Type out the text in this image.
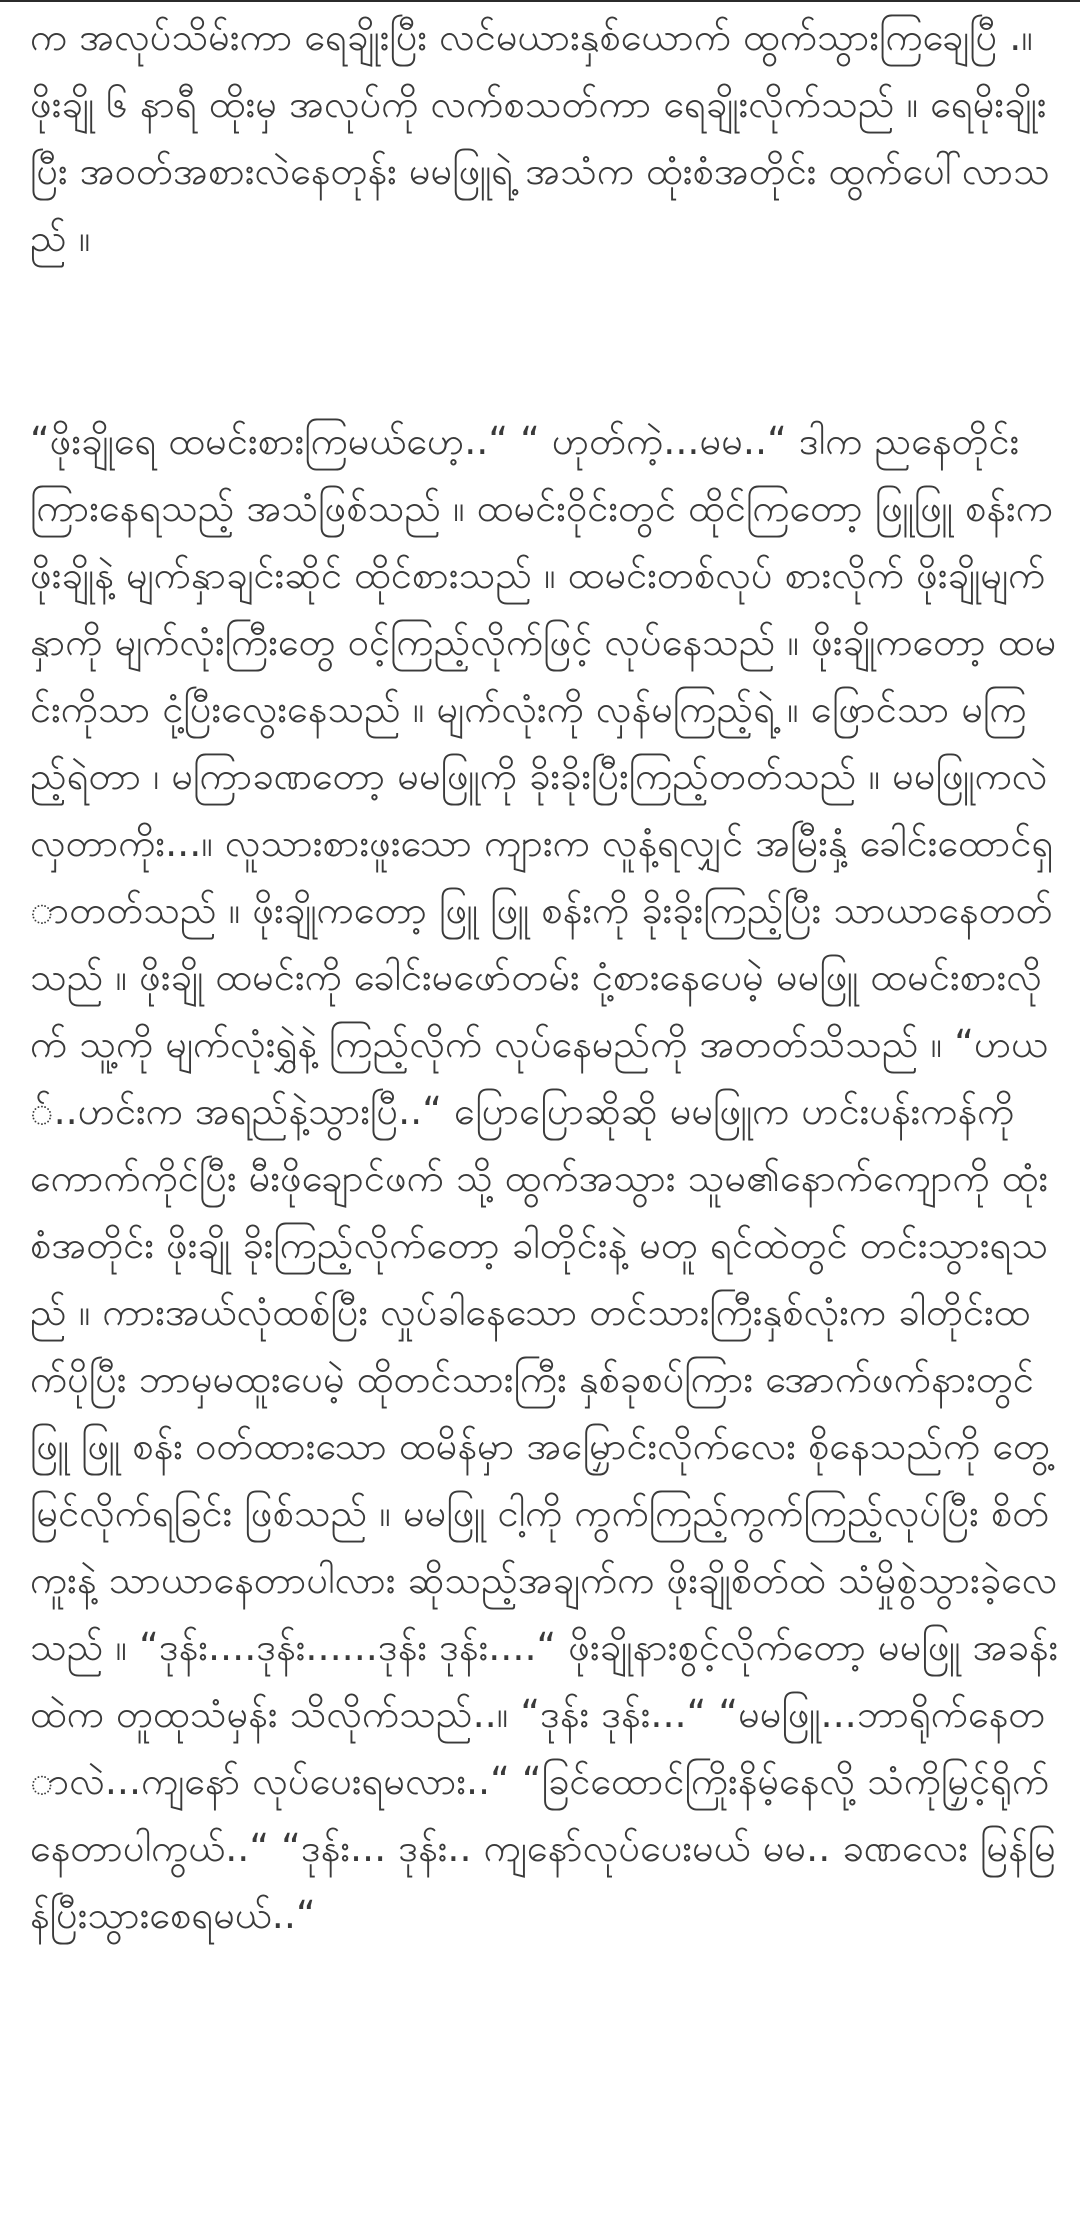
က အလုပ်သိမ်းကာ ရေချိုးပြီး လင်မယားနှစ်ယောက် ထွက်သွားကြချေပြီ .။ ဖိုးချို ၆ နာရီ ထိုးမှ အလုပ်ကို လက်စသတ်ကာ ရေချိုးလိုက်သည် ။ ရေမိုးချိုးပြီး အဝတ်အစားလဲနေတုန်း မမဖြူရဲ့ အသံက ထုံးစံအတိုင်း ထွက်ပေါ်လာသည် ။

“ဖိုးချိုရေ ထမင်းစားကြမယ်ဟေ့..“ “ ဟုတ်ကဲ့...မမ..“ ဒါက ညနေတိုင်း ကြားနေရသည့် အသံဖြစ်သည် ။ ထမင်းဝိုင်းတွင် ထိုင်ကြတော့ ဖြူဖြူ စန်းက ဖိုးချိုနဲ့ မျက်နှာချင်းဆိုင် ထိုင်စားသည် ။ ထမင်းတစ်လုပ် စားလိုက် ဖိုးချိုမျက်နှာကို မျက်လုံးကြီးတွေ ဝင့်ကြည့်လိုက်ဖြင့် လုပ်နေသည် ။ ဖိုးချိုကတော့ ထမင်းကိုသာ ငုံ့ပြီးလွေးနေသည် ။ မျက်လုံးကို လှန်မကြည့်ရဲ့ ။ ဖြောင်သာ မကြည့်ရဲတာ ၊ မကြာခဏတော့ မမဖြူကို ခိုးခိုးပြီးကြည့်တတ်သည် ။ မမဖြူကလဲ လှတာကိုး...။ လူသားစားဖူးသော ကျားက လူနံ့ရလျှင် အမြီးနှံ့ ခေါင်းထောင်ရှာတတ်သည် ။ ဖိုးချိုကတော့ ဖြူ ဖြူ စန်းကို ခိုးခိုးကြည့်ပြီး သာယာနေတတ်သည် ။ ဖိုးချို ထမင်းကို ခေါင်းမဖော်တမ်း ငုံ့စားနေပေမဲ့ မမဖြူ ထမင်းစားလိုက် သူ့ကို မျက်လုံးရွှဲနဲ့ ကြည့်လိုက် လုပ်နေမည်ကို အတတ်သိသည် ။ “ဟယ်..ဟင်းက အရည်နဲ့သွားပြီ..“ ပြောပြောဆိုဆို မမဖြူက ဟင်းပန်းကန်ကို ကောက်ကိုင်ပြီး မီးဖိုချောင်ဖက် သို့ ထွက်အသွား သူမ၏နောက်ကျောကို ထုံးစံအတိုင်း ဖိုးချို ခိုးကြည့်လိုက်တော့ ခါတိုင်းနဲ့ မတူ ရင်ထဲတွင် တင်းသွားရသည် ။ ကားအယ်လုံထစ်ပြီး လှုပ်ခါနေသော တင်သားကြီးနှစ်လုံးက ခါတိုင်းထက်ပိုပြီး ဘာမှမထူးပေမဲ့ ထိုတင်သားကြီး နှစ်ခုစပ်ကြား အောက်ဖက်နားတွင် ဖြူ ဖြူ စန်း ဝတ်ထားသော ထမိန်မှာ အမြှောင်းလိုက်လေး စိုနေသည်ကို တွေ့မြင်လိုက်ရခြင်း ဖြစ်သည် ။ မမဖြူ ငါ့ကို ကွက်ကြည့်ကွက်ကြည့်လုပ်ပြီး စိတ်ကူးနဲ့ သာယာနေတာပါလား ဆိုသည့်အချက်က ဖိုးချိုစိတ်ထဲ သံမှိုစွဲသွားခဲ့လေသည် ။ “ဒုန်း....ဒုန်း......ဒုန်း ဒုန်း....“ ဖိုးချိုနားစွင့်လိုက်တော့ မမဖြူ အခန်းထဲက တူထုသံမှန်း သိလိုက်သည်..။ “ဒုန်း ဒုန်း...“ “မမဖြူ...ဘာရိုက်နေတာလဲ...ကျနော် လုပ်ပေးရမလား..“ “ခြင်ထောင်ကြိုးနိမ့်နေလို့ သံကိုမြှင့်ရိုက်နေတာပါကွယ်..“ “ဒုန်း... ဒုန်း.. ကျနော်လုပ်ပေးမယ် မမ.. ခဏလေး မြန်မြန်ပြီးသွားစေရမယ်..“
